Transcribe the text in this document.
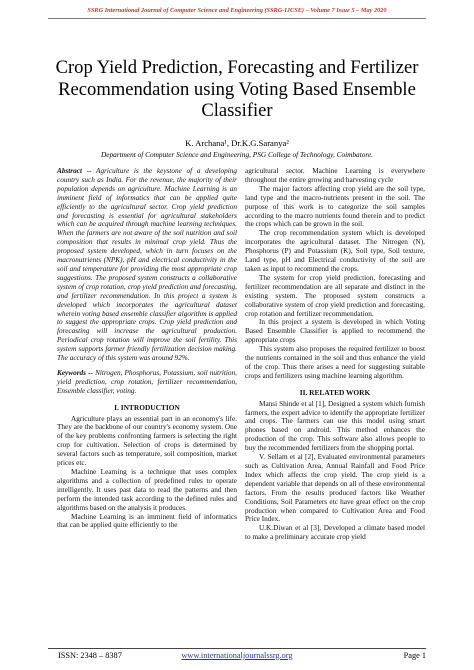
SSRG International Journal of Computer Science and Engineering (SSRG-IJCSE) – Volume 7 Issue 5 – May 2020
Crop Yield Prediction, Forecasting and Fertilizer Recommendation using Voting Based Ensemble Classifier
K. Archana¹, Dr.K.G.Saranya²
Department of Computer Science and Engineering, PSG College of Technology, Coimbatore.

Abstract -- Agriculture is the keystone of a developing country such as India. For the revenue, the majority of their population depends on agriculture. Machine Learning is an imminent field of informatics that can be applied quite efficiently to the agricultural sector. Crop yield prediction and forecasting is essential for agricultural stakeholders which can be acquired through machine learning techniques. When the farmers are not aware of the soil nutrition and soil composition that results in minimal crop yield. Thus the proposed system developed, which in turn focuses on the macronutrients (NPK), pH and electrical conductivity in the soil and temperature for providing the most appropriate crop suggestions. The proposed system constructs a collaborative system of crop rotation, crop yield prediction and forecasting, and fertilizer recommendation. In this project a system is developed which incorporates the agricultural dataset wherein voting based ensemble classifier algorithm is applied to suggest the appropriate crops. Crop yield prediction and forecasting will increase the agricultural production. Periodical crop rotation will improve the soil fertility. This system supports farmer friendly fertilization decision making. The accuracy of this system was around 92%.

Keywords -- Nitrogen, Phosphorus, Potassium, soil nutrition, yield prediction, crop rotation, fertilizer recommendation, Ensemble classifier, voting.

I. INTRODUCTION

Agriculture plays an essential part in an economy's life. They are the backbone of our country's economy system. One of the key problems confronting farmers is selecting the right crop for cultivation. Selection of crops is determined by several factors such as temperature, soil composition, market prices etc.

Machine Learning is a technique that uses complex algorithms and a collection of predefined rules to operate intelligently. It uses past data to read the patterns and then perform the intended task according to the defined rules and algorithms based on the analysis it produces.

Machine Learning is an imminent field of informatics that can be applied quite efficiently to the

agricultural sector. Machine Learning is everywhere throughout the entire growing and harvesting cycle

The major factors affecting crop yield are the soil type, land type and the macro-nutrients present in the soil. The purpose of this work is to categorize the soil samples according to the macro nutrients found therein and to predict the crops which can be grown in the soil.

The crop recommendation system which is developed incorporates the agricultural dataset. The Nitrogen (N), Phosphorus (P) and Potassium (K), Soil type, Soil texture, Land type, pH and Electrical conductivity of the soil are taken as input to recommend the crops.

The system for crop yield prediction, forecasting and fertilizer recommendation are all separate and distinct in the existing system. The proposed system constructs a collaborative system of crop yield prediction and forecasting, crop rotation and fertilizer recommendation.

In this project a system is developed in which Voting Based Ensemble Classifier is applied to recommend the appropriate crops

This system also proposes the required fertilizer to boost the nutrients contained in the soil and thus enhance the yield of the crop. Thus there arises a need for suggesting suitable crops and fertilizers using machine learning algorithm.

II. RELATED WORK

Mansi Shinde et al [1], Designed a system which furnish farmers, the expert advice to identify the appropriate fertilizer and crops. The farmers can use this model using smart phones based on android. This method enhances the production of the crop. This software also allows people to buy the recommended fertilizers from the shopping portal.

V. Sellam et al [2], Evaluated environmental parameters such as Cultivation Area, Annual Rainfall and Food Price Index which affects the crop yield. The crop yield is a dependent variable that depends on all of these environmental factors. From the results produced factors like Weather Conditions, Soil Parameters etc have great effect on the crop production when compared to Cultivation Area and Food Price Index.

U.K.Diwan et al [3], Developed a climate based model to make a preliminary accurate crop yield

ISSN: 2348 – 8387	www.internationaljournalssrg.org	Page 1
